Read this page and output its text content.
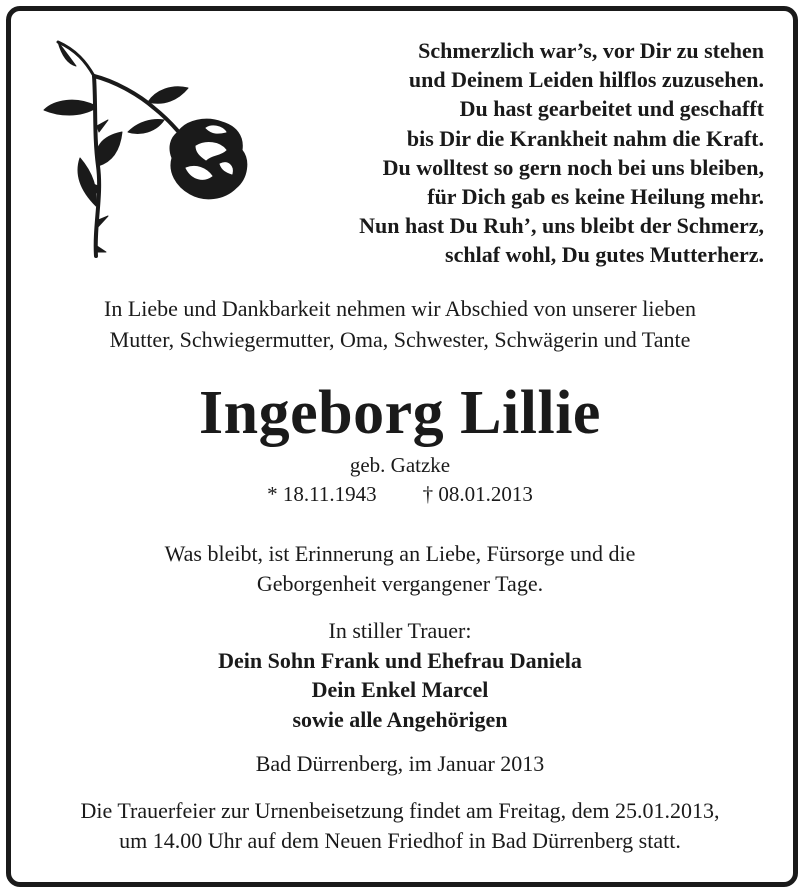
Schmerzlich war’s, vor Dir zu stehen
und Deinem Leiden hilflos zuzusehen.
Du hast gearbeitet und geschafft
bis Dir die Krankheit nahm die Kraft.
Du wolltest so gern noch bei uns bleiben,
für Dich gab es keine Heilung mehr.
Nun hast Du Ruh’, uns bleibt der Schmerz,
schlaf wohl, Du gutes Mutterherz.
In Liebe und Dankbarkeit nehmen wir Abschied von unserer lieben
Mutter, Schwiegermutter, Oma, Schwester, Schwägerin und Tante
Ingeborg Lillie
geb. Gatzke
* 18.11.1943 † 08.01.2013
Was bleibt, ist Erinnerung an Liebe, Fürsorge und die
Geborgenheit vergangener Tage.
In stiller Trauer:
Dein Sohn Frank und Ehefrau Daniela
Dein Enkel Marcel
sowie alle Angehörigen
Bad Dürrenberg, im Januar 2013
Die Trauerfeier zur Urnenbeisetzung findet am Freitag, dem 25.01.2013,
um 14.00 Uhr auf dem Neuen Friedhof in Bad Dürrenberg statt.
